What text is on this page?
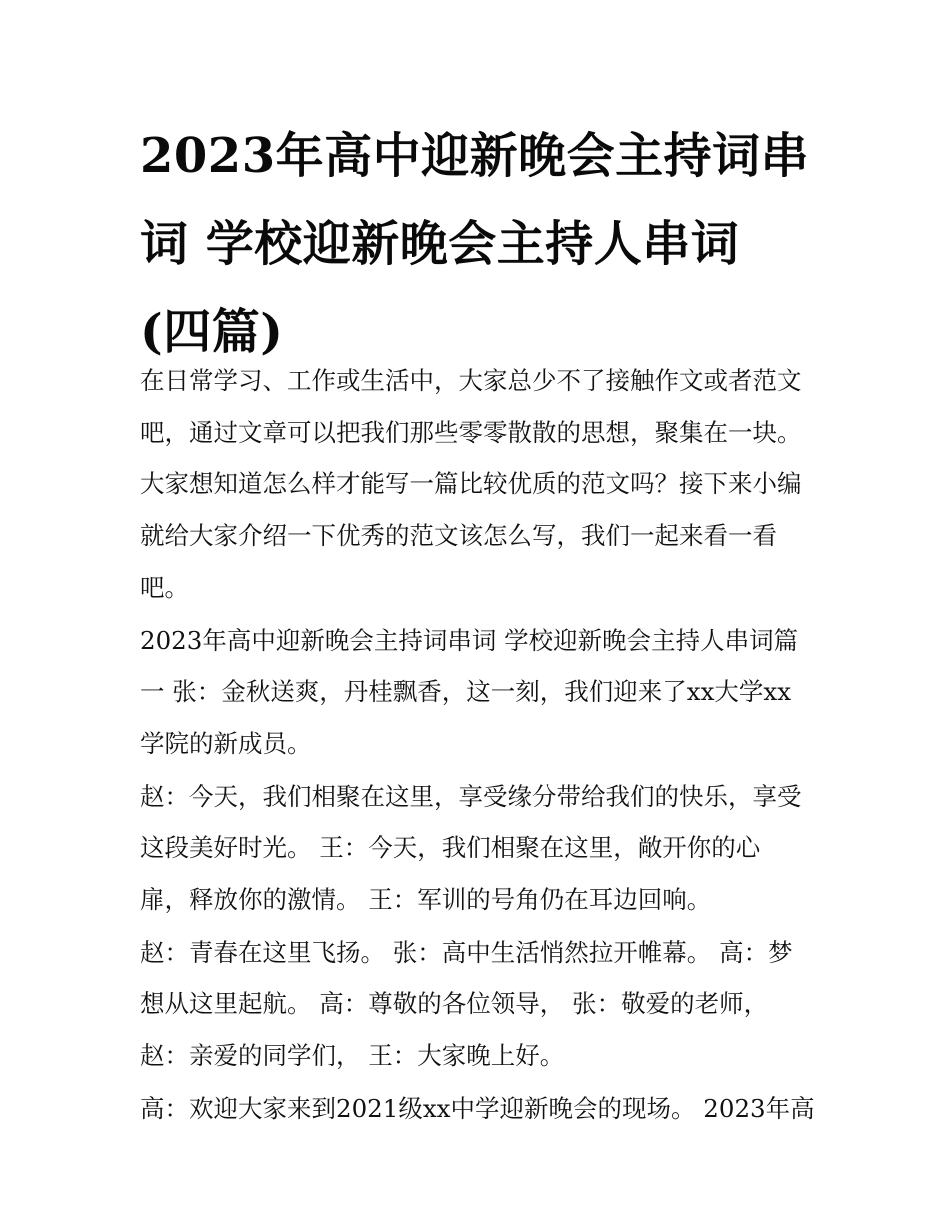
2023年高中迎新晚会主持词串
词 学校迎新晚会主持人串词
(四篇)

在日常学习、工作或生活中，大家总少不了接触作文或者范文
吧，通过文章可以把我们那些零零散散的思想，聚集在一块。
大家想知道怎么样才能写一篇比较优质的范文吗？接下来小编
就给大家介绍一下优秀的范文该怎么写，我们一起来看一看
吧。

2023年高中迎新晚会主持词串词 学校迎新晚会主持人串词篇
一 张：金秋送爽，丹桂飘香，这一刻，我们迎来了xx大学xx
学院的新成员。

赵：今天，我们相聚在这里，享受缘分带给我们的快乐，享受
这段美好时光。 王：今天，我们相聚在这里，敞开你的心
扉，释放你的激情。 王：军训的号角仍在耳边回响。

赵：青春在这里飞扬。 张：高中生活悄然拉开帷幕。 高：梦
想从这里起航。 高：尊敬的各位领导， 张：敬爱的老师，
赵：亲爱的同学们， 王：大家晚上好。

高：欢迎大家来到2021级xx中学迎新晚会的现场。 2023年高
